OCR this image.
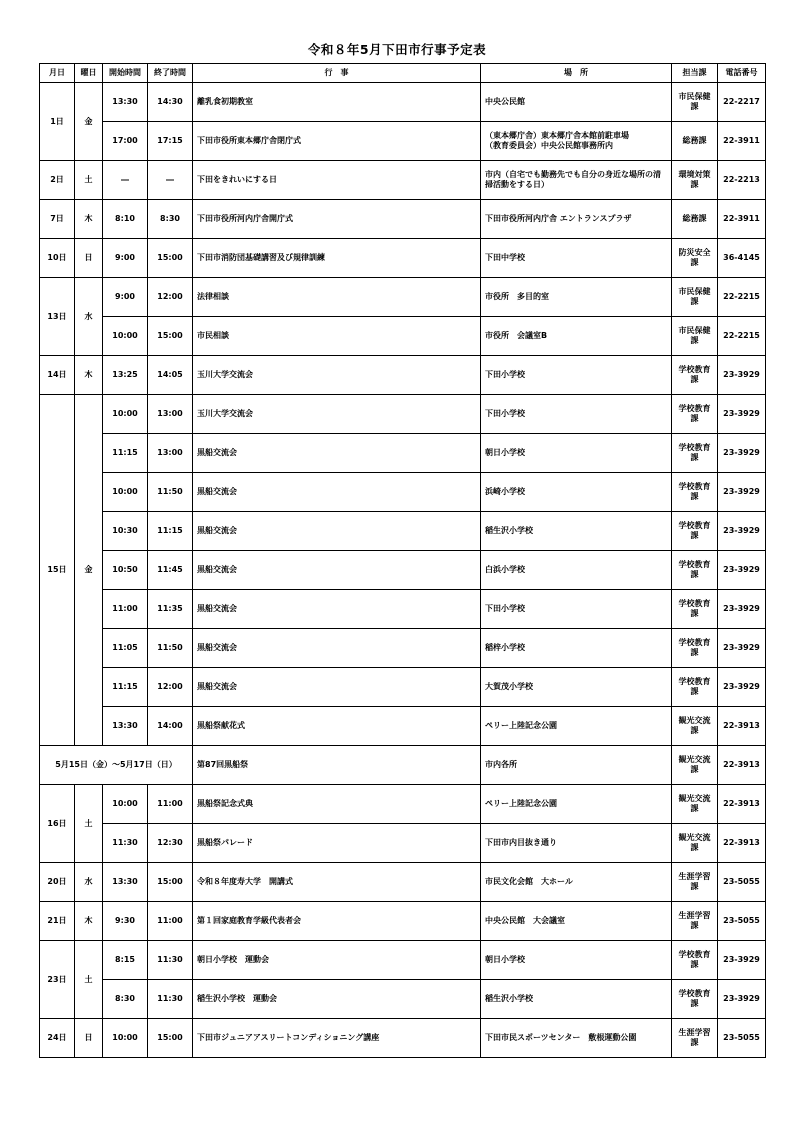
令和８年5月下田市行事予定表
月日	曜日	開始時間	終了時間	行　事	場　所	担当課	電話番号
1日	金	13:30	14:30	離乳食初期教室	中央公民館	市民保健課	22-2217
		17:00	17:15	下田市役所東本郷庁舎閉庁式	（東本郷庁舎）東本郷庁舎本館前駐車場
（教育委員会）中央公民館事務所内	総務課	22-3911
2日	土	―	―	下田をきれいにする日	市内（自宅でも勤務先でも自分の身近な場所の清掃活動をする日）	環境対策課	22-2213
7日	木	8:10	8:30	下田市役所河内庁舎開庁式	下田市役所河内庁舎 エントランスプラザ	総務課	22-3911
10日	日	9:00	15:00	下田市消防団基礎講習及び規律訓練	下田中学校	防災安全課	36-4145
13日	水	9:00	12:00	法律相談	市役所　多目的室	市民保健課	22-2215
		10:00	15:00	市民相談	市役所　会議室B	市民保健課	22-2215
14日	木	13:25	14:05	玉川大学交流会	下田小学校	学校教育課	23-3929
15日	金	10:00	13:00	玉川大学交流会	下田小学校	学校教育課	23-3929
		11:15	13:00	黒船交流会	朝日小学校	学校教育課	23-3929
		10:00	11:50	黒船交流会	浜崎小学校	学校教育課	23-3929
		10:30	11:15	黒船交流会	稲生沢小学校	学校教育課	23-3929
		10:50	11:45	黒船交流会	白浜小学校	学校教育課	23-3929
		11:00	11:35	黒船交流会	下田小学校	学校教育課	23-3929
		11:05	11:50	黒船交流会	稲梓小学校	学校教育課	23-3929
		11:15	12:00	黒船交流会	大賀茂小学校	学校教育課	23-3929
		13:30	14:00	黒船祭献花式	ペリー上陸記念公園	観光交流課	22-3913
5月15日（金）～5月17日（日）				第87回黒船祭	市内各所	観光交流課	22-3913
16日	土	10:00	11:00	黒船祭記念式典	ペリー上陸記念公園	観光交流課	22-3913
		11:30	12:30	黒船祭パレード	下田市内目抜き通り	観光交流課	22-3913
20日	水	13:30	15:00	令和８年度寿大学　開講式	市民文化会館　大ホール	生涯学習課	23-5055
21日	木	9:30	11:00	第１回家庭教育学級代表者会	中央公民館　大会議室	生涯学習課	23-5055
23日	土	8:15	11:30	朝日小学校　運動会	朝日小学校	学校教育課	23-3929
		8:30	11:30	稲生沢小学校　運動会	稲生沢小学校	学校教育課	23-3929
24日	日	10:00	15:00	下田市ジュニアアスリートコンディショニング講座	下田市民スポーツセンター　敷根運動公園	生涯学習課	23-5055
